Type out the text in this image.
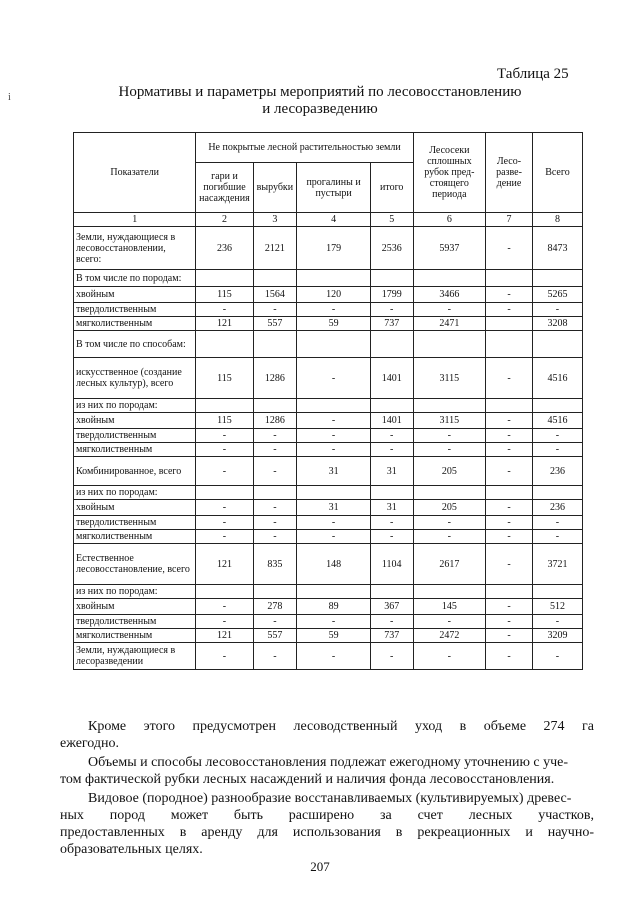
і
Таблица 25
Нормативы и параметры мероприятий по лесовосстановлению
и лесоразведению
Показатели	Не покрытые лесной растительностью земли				Лесосеки сплошных рубок пред-стоящего периода	Лесо-разве-дение	Всего
	гари и погибшие насаждения	вырубки	прогалины и пустыри	итого			
1	2	3	4	5	6	7	8
Земли, нуждающиеся в лесовосстановлении, всего:	236	2121	179	2536	5937	-	8473
В том числе по породам:							
хвойным	115	1564	120	1799	3466	-	5265
твердолиственным	-	-	-	-	-	-	-
мягколиственным	121	557	59	737	2471		3208
В том числе по способам:							
искусственное (создание лесных культур), всего	115	1286	-	1401	3115	-	4516
из них по породам:							
хвойным	115	1286	-	1401	3115	-	4516
твердолиственным	-	-	-	-	-	-	-
мягколиственным	-	-	-	-	-	-	-
Комбинированное, всего	-	-	31	31	205	-	236
из них по породам:							
хвойным	-	-	31	31	205	-	236
твердолиственным	-	-	-	-	-	-	-
мягколиственным	-	-	-	-	-	-	-
Естественное лесовосстановление, всего	121	835	148	1104	2617	-	3721
из них по породам:							
хвойным	-	278	89	367	145	-	512
твердолиственным	-	-	-	-	-	-	-
мягколиственным	121	557	59	737	2472	-	3209
Земли, нуждающиеся в лесоразведении	-	-	-	-	-	-	-
Кроме этого предусмотрен лесоводственный уход в объеме 274 га
ежегодно.
Объемы и способы лесовосстановления подлежат ежегодному уточнению с уче-
том фактической рубки лесных насаждений и наличия фонда лесовосстановления.
Видовое (породное) разнообразие восстанавливаемых (культивируемых) древес-
ных пород может быть расширено за счет лесных участков,
предоставленных в аренду для использования в рекреационных и научно-
образовательных целях.
207
